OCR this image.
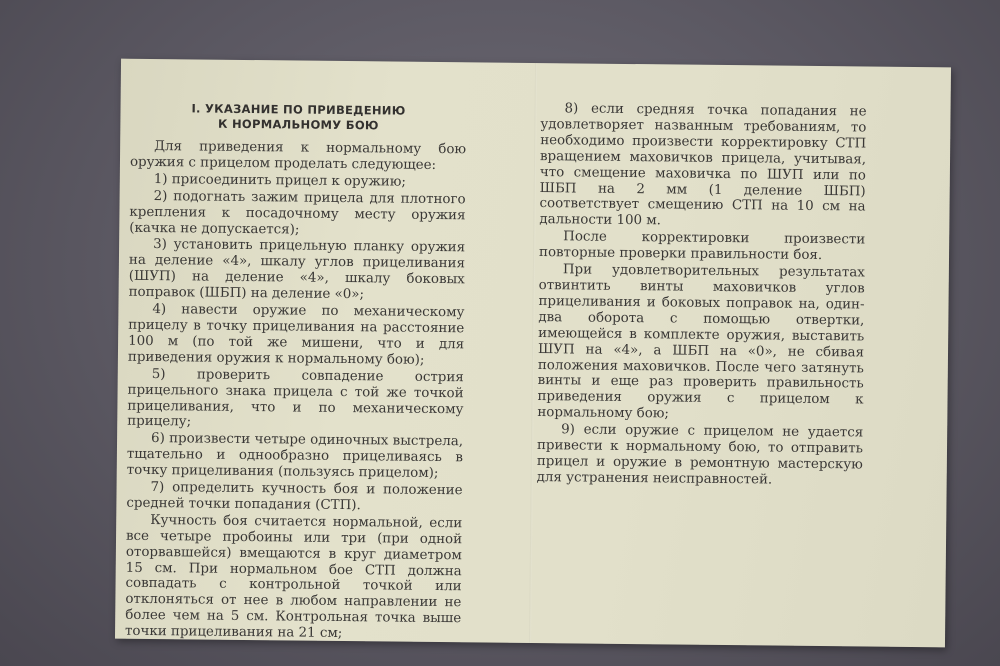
I. УКАЗАНИЕ ПО ПРИВЕДЕНИЮ
К НОРМАЛЬНОМУ БОЮ

Для приведения к нормальному бою оружия с прицелом проделать следующее:

1) присоединить прицел к оружию;

2) подогнать зажим прицела для плотного крепления к посадочному месту оружия (качка не допускается);

3) установить прицельную планку оружия на деление «4», шкалу углов прицеливания (ШУП) на деление «4», шкалу боковых поправок (ШБП) на деление «0»;

4) навести оружие по механическому прицелу в точку прицеливания на расстояние 100 м (по той же мишени, что и для приведения оружия к нормальному бою);

5) проверить совпадение острия прицельного знака прицела с той же точкой прицеливания, что и по механическому прицелу;

6) произвести четыре одиночных выстрела, тщательно и однообразно прицеливаясь в точку прицеливания (пользуясь прицелом);

7) определить кучность боя и положение средней точки попадания (СТП).

Кучность боя считается нормальной, если все четыре пробоины или три (при одной оторвавшейся) вмещаются в круг диаметром 15 см. При нормальном бое СТП должна совпадать с контрольной точкой или отклоняться от нее в любом направлении не более чем на 5 см. Контрольная точка выше точки прицеливания на 21 см;

8) если средняя точка попадания не удовлетворяет названным требованиям, то необходимо произвести корректировку СТП вращением маховичков прицела, учитывая, что смещение маховичка по ШУП или по ШБП на 2 мм (1 деление ШБП) соответствует смещению СТП на 10 см на дальности 100 м.

После корректировки произвести повторные проверки правильности боя.

При удовлетворительных результатах отвинтить винты маховичков углов прицеливания и боковых поправок на, один-два оборота с помощью отвертки, имеющейся в комплекте оружия, выставить ШУП на «4», а ШБП на «0», не сбивая положения маховичков. После чего затянуть винты и еще раз проверить правильность приведения оружия с прицелом к нормальному бою;

9) если оружие с прицелом не удается привести к нормальному бою, то отправить прицел и оружие в ремонтную мастерскую для устранения неисправностей.
